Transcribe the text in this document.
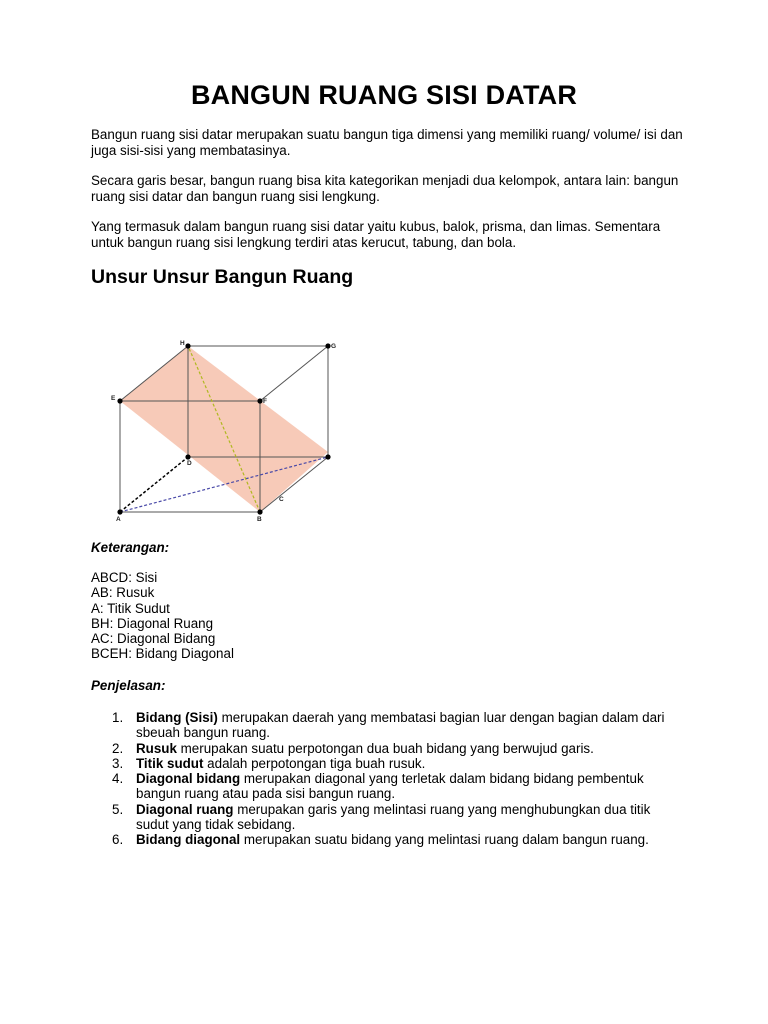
BANGUN RUANG SISI DATAR

Bangun ruang sisi datar merupakan suatu bangun tiga dimensi yang memiliki ruang/ volume/ isi dan juga sisi-sisi yang membatasinya.

Secara garis besar, bangun ruang bisa kita kategorikan menjadi dua kelompok, antara lain: bangun ruang sisi datar dan bangun ruang sisi lengkung.

Yang termasuk dalam bangun ruang sisi datar yaitu kubus, balok, prisma, dan limas. Sementara untuk bangun ruang sisi lengkung terdiri atas kerucut, tabung, dan bola.

Unsur Unsur Bangun Ruang
A	B
C
D
E	F
G
H

Keterangan:

ABCD: Sisi
AB: Rusuk
A: Titik Sudut
BH: Diagonal Ruang
AC: Diagonal Bidang
BCEH: Bidang Diagonal

Penjelasan:

1. Bidang (Sisi) merupakan daerah yang membatasi bagian luar dengan bagian dalam dari sbeuah bangun ruang.
2. Rusuk merupakan suatu perpotongan dua buah bidang yang berwujud garis.
3. Titik sudut adalah perpotongan tiga buah rusuk.
4. Diagonal bidang merupakan diagonal yang terletak dalam bidang bidang pembentuk bangun ruang atau pada sisi bangun ruang.
5. Diagonal ruang merupakan garis yang melintasi ruang yang menghubungkan dua titik sudut yang tidak sebidang.
6. Bidang diagonal merupakan suatu bidang yang melintasi ruang dalam bangun ruang.
